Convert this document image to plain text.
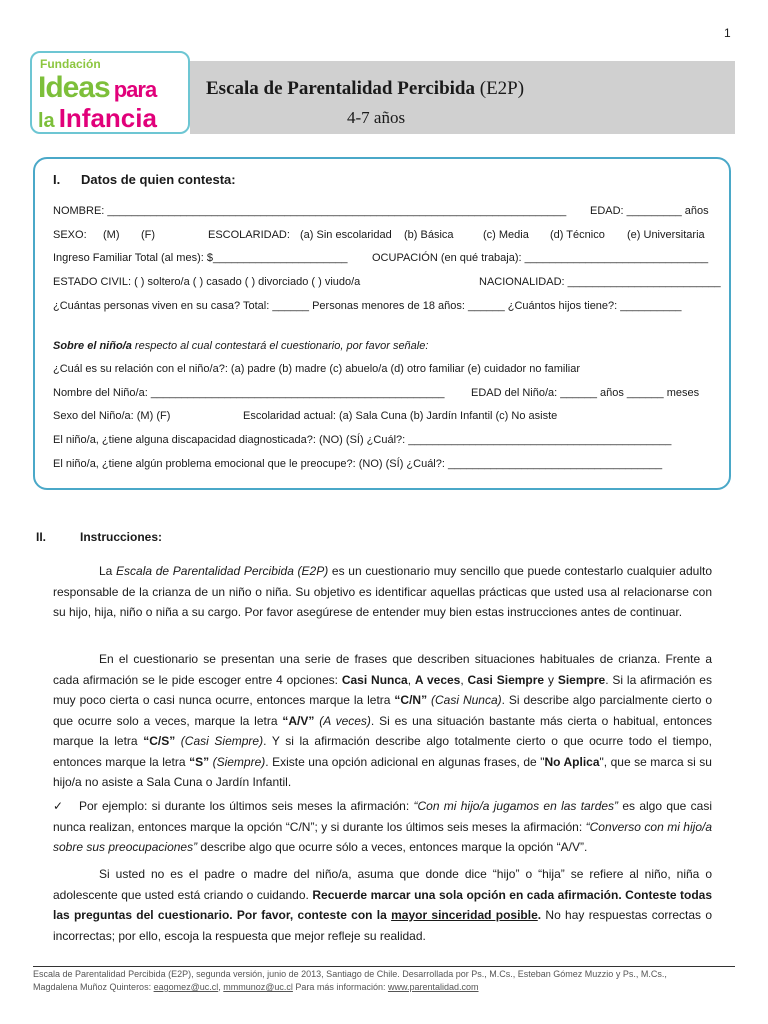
1
Fundación
Ideas para
la Infancia
Escala de Parentalidad Percibida (E2P)
4-7 años
I. Datos de quien contesta:
NOMBRE: ___________________________________________________________________________ EDAD: _________ años
SEXO: (M) (F)	ESCOLARIDAD: (a) Sin escolaridad (b) Básica	(c) Media (d) Técnico (e) Universitaria
Ingreso Familiar Total (al mes): $______________________ OCUPACIÓN (en qué trabaja): ______________________________
ESTADO CIVIL: ( ) soltero/a ( ) casado ( ) divorciado ( ) viudo/a	NACIONALIDAD: _________________________
¿Cuántas personas viven en su casa? Total: ______ Personas menores de 18 años: ______ ¿Cuántos hijos tiene?: __________
Sobre el niño/a respecto al cual contestará el cuestionario, por favor señale:
¿Cuál es su relación con el niño/a?: (a) padre (b) madre (c) abuelo/a (d) otro familiar (e) cuidador no familiar
Nombre del Niño/a: ________________________________________________ EDAD del Niño/a: ______ años ______ meses
Sexo del Niño/a: (M) (F)	Escolaridad actual: (a) Sala Cuna (b) Jardín Infantil (c) No asiste
El niño/a, ¿tiene alguna discapacidad diagnosticada?: (NO) (SÍ) ¿Cuál?: ___________________________________________
El niño/a, ¿tiene algún problema emocional que le preocupe?: (NO) (SÍ) ¿Cuál?: ___________________________________
II.	Instrucciones:

La Escala de Parentalidad Percibida (E2P) es un cuestionario muy sencillo que puede contestarlo cualquier adulto responsable de la crianza de un niño o niña. Su objetivo es identificar aquellas prácticas que usted usa al relacionarse con su hijo, hija, niño o niña a su cargo. Por favor asegúrese de entender muy bien estas instrucciones antes de continuar.

En el cuestionario se presentan una serie de frases que describen situaciones habituales de crianza. Frente a cada afirmación se le pide escoger entre 4 opciones: Casi Nunca, A veces, Casi Siempre y Siempre. Si la afirmación es muy poco cierta o casi nunca ocurre, entonces marque la letra “C/N” (Casi Nunca). Si describe algo parcialmente cierto o que ocurre solo a veces, marque la letra “A/V” (A veces). Si es una situación bastante más cierta o habitual, entonces marque la letra “C/S” (Casi Siempre). Y si la afirmación describe algo totalmente cierto o que ocurre todo el tiempo, entonces marque la letra “S” (Siempre). Existe una opción adicional en algunas frases, de "No Aplica", que se marca si su hijo/a no asiste a Sala Cuna o Jardín Infantil.

✓ Por ejemplo: si durante los últimos seis meses la afirmación: “Con mi hijo/a jugamos en las tardes” es algo que casi nunca realizan, entonces marque la opción “C/N”; y si durante los últimos seis meses la afirmación: “Converso con mi hijo/a sobre sus preocupaciones” describe algo que ocurre sólo a veces, entonces marque la opción “A/V”.

Si usted no es el padre o madre del niño/a, asuma que donde dice “hijo” o “hija” se refiere al niño, niña o adolescente que usted está criando o cuidando. Recuerde marcar una sola opción en cada afirmación. Conteste todas las preguntas del cuestionario. Por favor, conteste con la mayor sinceridad posible. No hay respuestas correctas o incorrectas; por ello, escoja la respuesta que mejor refleje su realidad.

Escala de Parentalidad Percibida (E2P), segunda versión, junio de 2013, Santiago de Chile. Desarrollada por Ps., M.Cs., Esteban Gómez Muzzio y Ps., M.Cs.,
Magdalena Muñoz Quinteros: eagomez@uc.cl, mmmunoz@uc.cl Para más información: www.parentalidad.com
